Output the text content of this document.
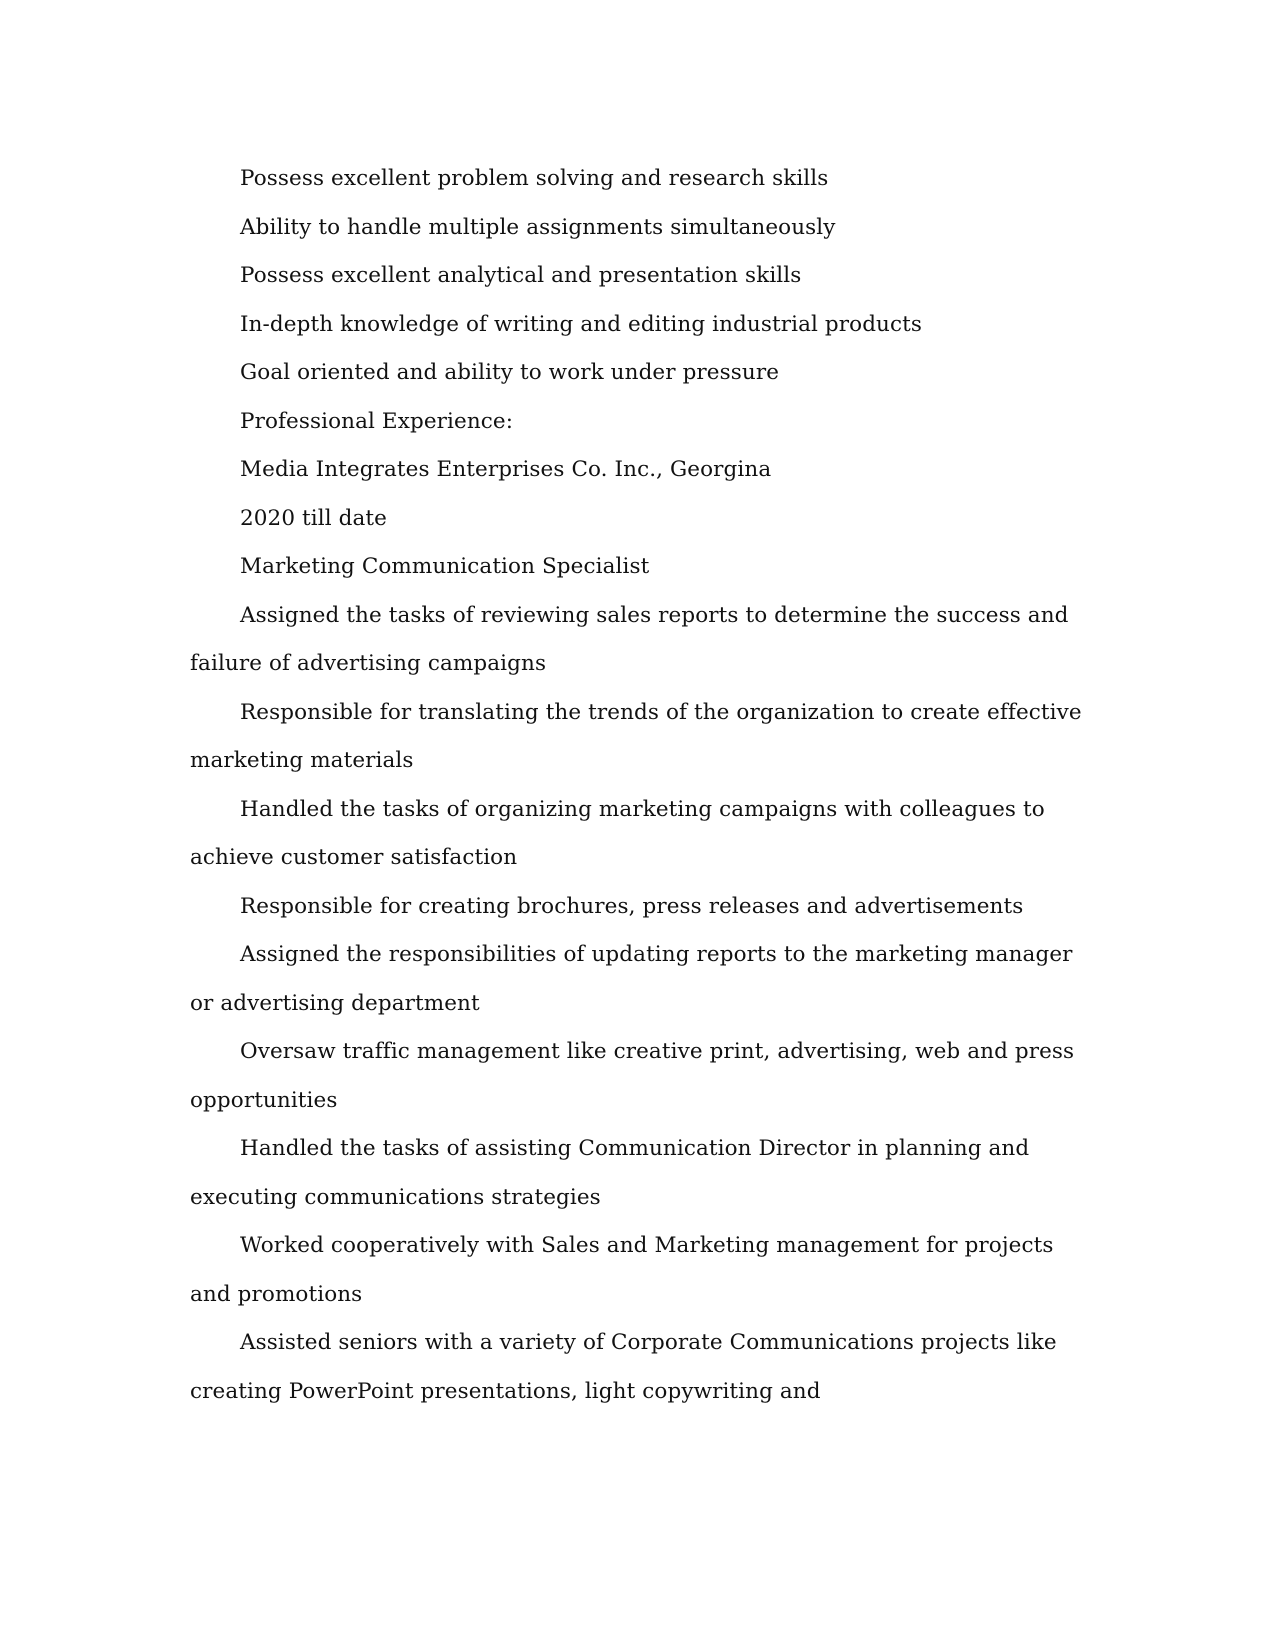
Possess excellent problem solving and research skills

Ability to handle multiple assignments simultaneously

Possess excellent analytical and presentation skills

In-depth knowledge of writing and editing industrial products

Goal oriented and ability to work under pressure

Professional Experience:

Media Integrates Enterprises Co. Inc., Georgina

2020 till date

Marketing Communication Specialist

Assigned the tasks of reviewing sales reports to determine the success and failure of advertising campaigns

Responsible for translating the trends of the organization to create effective marketing materials

Handled the tasks of organizing marketing campaigns with colleagues to achieve customer satisfaction

Responsible for creating brochures, press releases and advertisements

Assigned the responsibilities of updating reports to the marketing manager or advertising department

Oversaw traffic management like creative print, advertising, web and press opportunities

Handled the tasks of assisting Communication Director in planning and executing communications strategies

Worked cooperatively with Sales and Marketing management for projects and promotions

Assisted seniors with a variety of Corporate Communications projects like creating PowerPoint presentations, light copywriting and
